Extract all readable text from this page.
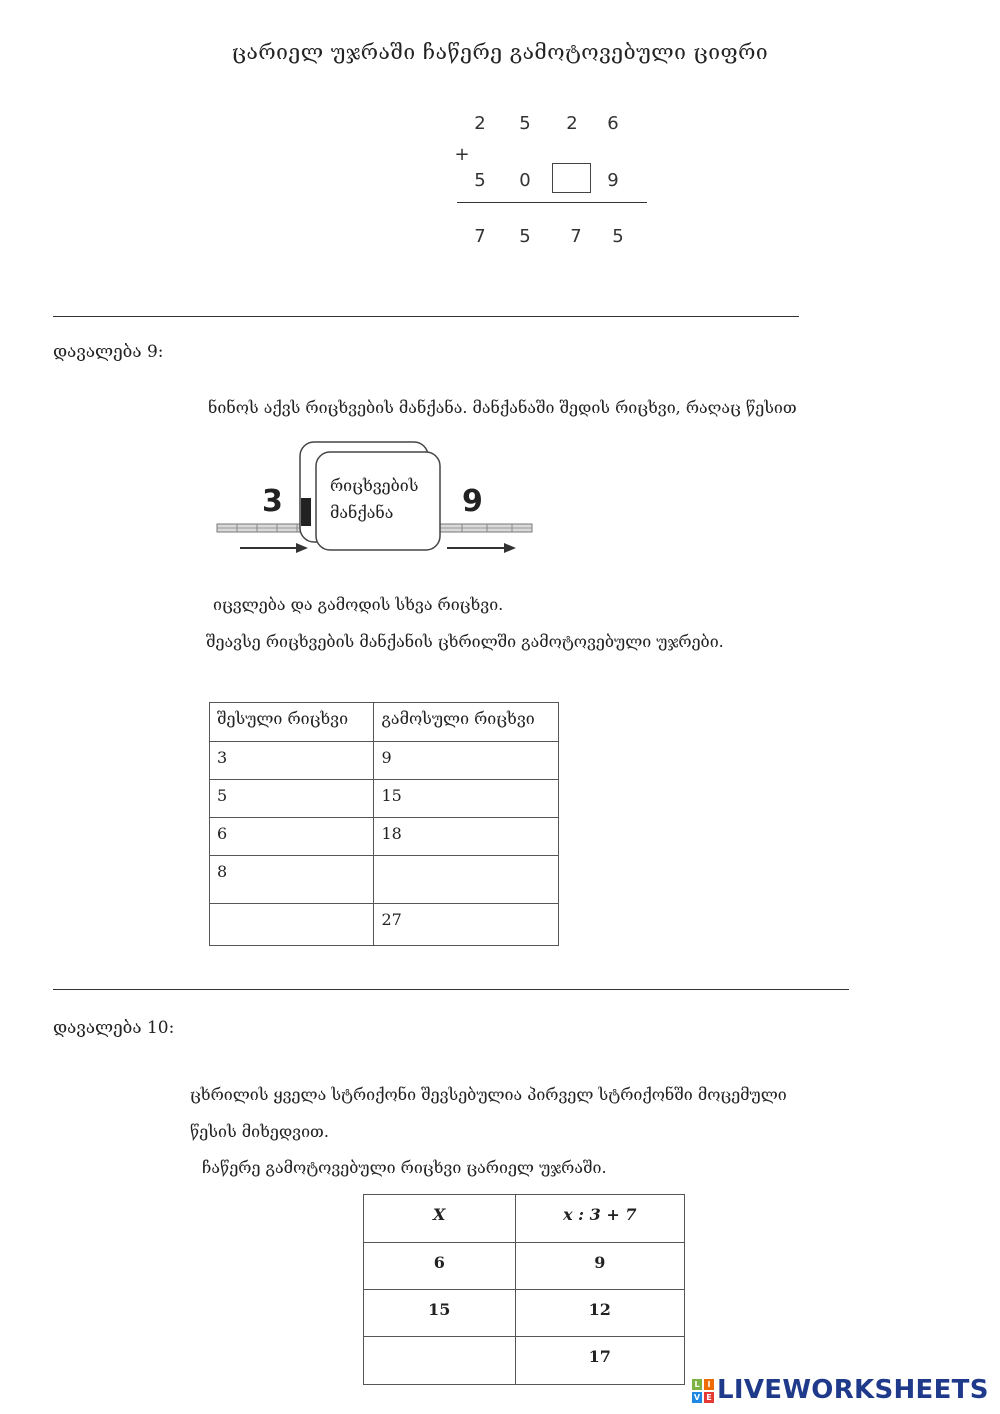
ცარიელ უჯრაში ჩაწერე გამოტოვებული ციფრი
2 5 2 6
+
5 0	9
7 5 7 5
დავალება 9:
ნინოს აქვს რიცხვების მანქანა. მანქანაში შედის რიცხვი, რაღაც წესით
3	9
რიცხვების
მანქანა
იცვლება და გამოდის სხვა რიცხვი.
შეავსე რიცხვების მანქანის ცხრილში გამოტოვებული უჯრები.
შესული რიცხვი	გამოსული რიცხვი
3	9
5	15
6	18
8	
	27
დავალება 10:
ცხრილის ყველა სტრიქონი შევსებულია პირველ სტრიქონში მოცემული
წესის მიხედვით.
ჩაწერე გამოტოვებული რიცხვი ცარიელ უჯრაში.
X	x : 3 + 7
6	9
15	12
	17
L I
V E LIVEWORKSHEETS
